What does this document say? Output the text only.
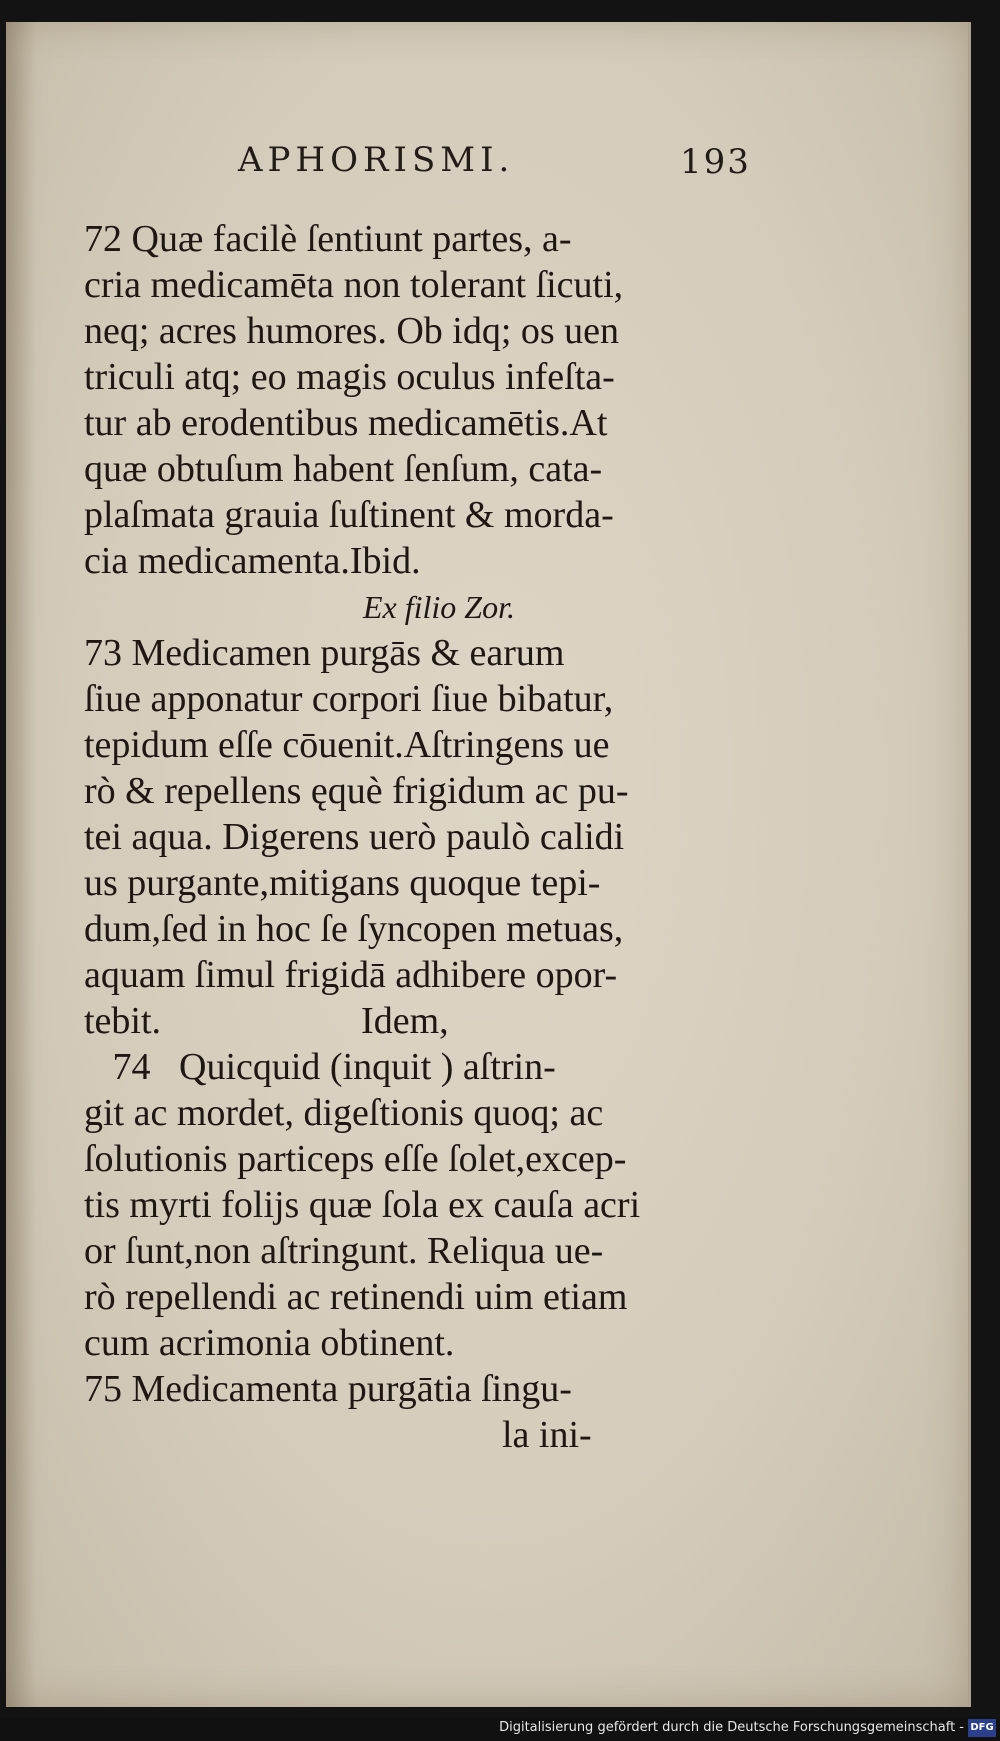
APHORISMI.	193
72 Quæ facilè ſentiunt partes, a-
cria medicamēta non tolerant ſicuti,
neq; acres humores. Ob idq; os uen
triculi atq; eo magis oculus infeſta-
tur ab erodentibus medicamētis.At
quæ obtuſum habent ſenſum, cata-
plaſmata grauia ſuſtinent & morda-
cia medicamenta.Ibid.
Ex filio Zor.
73 Medicamen purgās & earum
ſiue apponatur corpori ſiue bibatur,
tepidum eſſe cōuenit.Aſtringens ue
rò & repellens ęquè frigidum ac pu-
tei aqua. Digerens uerò paulò calidi
us purgante,mitigans quoque tepi-
dum,ſed in hoc ſe ſyncopen metuas,
aquam ſimul frigidā adhibere opor-
tebit.	Idem,
74   Quicquid (inquit ) aſtrin-
git ac mordet, digeſtionis quoq; ac
ſolutionis particeps eſſe ſolet,excep-
tis myrti folijs quæ ſola ex cauſa acri
or ſunt,non aſtringunt. Reliqua ue-
rò repellendi ac retinendi uim etiam
cum acrimonia obtinent.
75 Medicamenta purgātia ſingu-
la ini-
Digitalisierung gefördert durch die Deutsche Forschungsgemeinschaft - DFG
